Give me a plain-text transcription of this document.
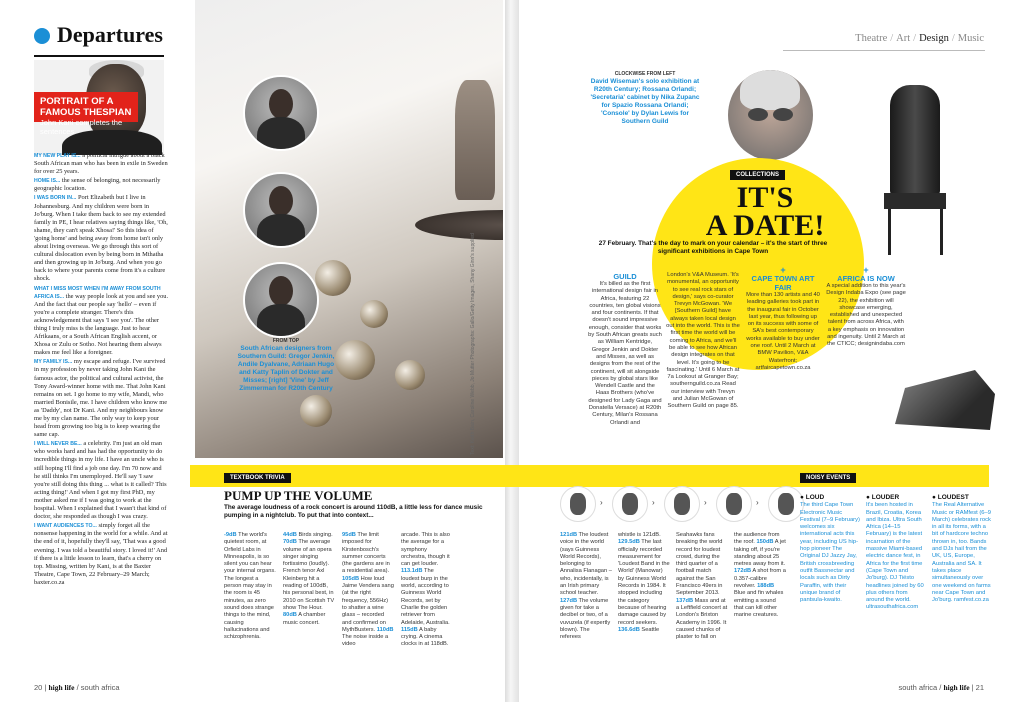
Departures
PORTRAIT OF A FAMOUS THESPIAN
John Kani completes the sentences

MY NEW PLAY IS... a political intrigue about a black South African man who has been in exile in Sweden for over 25 years.

HOME IS... the sense of belonging, not necessarily geographic location.

I WAS BORN IN... Port Elizabeth but I live in Johannesburg. And my children were born in Jo'burg. When I take them back to see my extended family in PE, I hear relatives saying things like, 'Oh, shame, they can't speak Xhosa!' So this idea of 'going home' and being away from home isn't only about living overseas. We go through this sort of cultural dislocation even by being born in Mthatha and then growing up in Jo'burg. And when you go back to where your parents come from it's a culture shock.

WHAT I MISS MOST WHEN I'M AWAY FROM SOUTH AFRICA IS... the way people look at you and see you. And the fact that our people say 'hello' – even if you're a complete stranger. There's this acknowledgement that says 'I see you'. The other thing I truly miss is the language. Just to hear Afrikaans, or a South African English accent, or Xhosa or Zulu or Sotho. Not hearing them always makes me feel like a foreigner.

MY FAMILY IS... my escape and refuge. I've survived in my profession by never taking John Kani the famous actor, the political and cultural activist, the Tony Award-winner home with me. That John Kani remains on set. I go home to my wife, Mandi, who married Bonisile, me. I have children who know me as 'Daddy', not Dr Kani. And my neighbours know me by my clan name. The only way to keep your head from growing too big is to keep wearing the same cap.

I WILL NEVER BE... a celebrity. I'm just an old man who works hard and has had the opportunity to do incredible things in my life. I have an uncle who is still hoping I'll find a job one day. I'm 70 now and he still thinks I'm unemployed. He'll say 'I saw you're still doing this thing ... what is it called? This acting thing!' And when I got my first PhD, my mother asked me if I was going to work at the hospital. When I explained that I wasn't that kind of doctor, she responded as though I was crazy.

I WANT AUDIENCES TO... simply forget all the nonsense happening in the world for a while. And at the end of it, hopefully they'll say, 'That was a good evening. I was told a beautiful story. I loved it!' And if there is a little lesson to learn, that's a cherry on top. Missing, written by Kani, is at the Baxter Theatre, Cape Town, 22 February–29 March; baxter.co.za

FROM TOP
South African designers from Southern Guild: Gregor Jenkin, Andile Dyalvane, Adriaan Hugo and Katty Taplin of Dokter and Misses; [right] 'Vine' by Jeff Zimmerman for R20th Century
Theatre / Art / Design / Music
CLOCKWISE FROM LEFT
David Wiseman's solo exhibition at R20th Century; Rossana Orlandi; 'Secretaria' cabinet by Nika Zupanc for Spazio Rossana Orlandi; 'Console' by Dylan Lewis for Southern Guild
COLLECTIONS
IT'S
A DATE!
27 February. That's the day to mark on your calendar – it's the start of three significant exhibitions in Cape Town
GUILD
It's billed as the first international design fair in Africa, featuring 22 countries, ten global visions and four continents. If that doesn't sound impressive enough, consider that works by South African greats such as William Kentridge, Gregor Jenkin and Dokter and Misses, as well as designs from the rest of the continent, will sit alongside pieces by global stars like Wendell Castle and the Haas Brothers (who've designed for Lady Gaga and Donatella Versace) at R20th Century, Milan's Rossana Orlandi and
London's V&A Museum. 'It's monumental, an opportunity to see real rock stars of design,' says co-curator Trevyn McGowan. 'We [Southern Guild] have always taken local design out into the world. This is the first time the world will be coming to Africa, and we'll be able to see how African design integrates on that level. It's going to be fascinating.' Until 6 March at 7a Lookout at Granger Bay; southernguild.co.za Read our interview with Trevyn and Julian McGowan of Southern Guild on page 85.
+
CAPE TOWN ART FAIR
More than 130 artists and 40 leading galleries took part in the inaugural fair in October last year, thus following up on its success with some of SA's best contemporary works available to buy under one roof. Until 2 March at BMW Pavilion, V&A Waterfront; artfaircapetown.co.za
+
AFRICA IS NOW
A special addition to this year's Design Indaba Expo (see page 22), the exhibition will showcase emerging, established and unexpected talent from across Africa, with a key emphasis on innovation and ingenuity. Until 2 March at the CTICC; designindaba.com
Text: Keith Bain, Caroline Webb, Jo Mutter Photographs: Gallo/Getty Images, Shany Ginn's supplied
TEXTBOOK TRIVIA	NOISY EVENTS
PUMP UP THE VOLUME
The average loudness of a rock concert is around 110dB, a little less for dance music pumping in a nightclub. To put that into context...
›	›	›	›
-9dB The world's quietest room, at Orfield Labs in Minneapolis, is so silent you can hear your internal organs. The longest a person may stay in the room is 45 minutes, as zero sound does strange things to the mind, causing hallucinations and schizophrenia.
44dB Birds singing. 70dB The average volume of an opera singer singing fortissimo (loudly). French tenor Axl Kleinberg hit a reading of 100dB, his personal best, in 2010 on Scottish TV show The Hour. 80dB A chamber music concert.
95dB The limit imposed for Kirstenbosch's summer concerts (the gardens are in a residential area). 105dB How loud Jaime Vendera sang (at the right frequency, 556Hz) to shatter a wine glass – recorded and confirmed on MythBusters. 110dB The noise inside a video
arcade. This is also the average for a symphony orchestra, though it can get louder. 113.1dB The loudest burp in the world, according to Guinness World Records, set by Charlie the golden retriever from Adelaide, Australia. 115dB A baby crying. A cinema clocks in at 118dB.
121dB The loudest voice in the world (says Guinness World Records), belonging to Annalisa Flanagan – who, incidentally, is an Irish primary school teacher. 127dB The volume given for take a decibel or two, of a vuvuzela (if expertly blown). The referees
whistle is 121dB. 129.5dB The last officially recorded measurement for 'Loudest Band in the World' (Manowar) by Guinness World Records in 1984. It stopped including the category because of hearing damage caused by record seekers. 136.6dB Seattle
Seahawks fans breaking the world record for loudest crowd, during the third quarter of a football match against the San Francisco 49ers in September 2013. 137dB Mass and at a Leftfield concert at London's Brixton Academy in 1996. It caused chunks of plaster to fall on
the audience from the roof. 150dB A jet taking off, if you're standing about 25 metres away from it. 172dB A shot from a 0.357-calibre revolver. 188dB Blue and fin whales emitting a sound that can kill other marine creatures.
● LOUD
The third Cape Town Electronic Music Festival (7–9 February) welcomes six international acts this year, including US hip-hop pioneer The Original DJ Jazzy Jay, British crossbreeding outfit Bassnectar and locals such as Dirty Paraffin, with their unique brand of pantsula-kwaito.
● LOUDER
It's been hosted in Brazil, Croatia, Korea and Ibiza. Ultra South Africa (14–15 February) is the latest incarnation of the massive Miami-based electric dance fest, in Africa for the first time (Cape Town and Jo'burg). DJ Tiësto headlines joined by 60 plus others from around the world. ultrasouthafrica.com
● LOUDEST
The Real Alternative Music or RAMfest (6–9 March) celebrates rock in all its forms, with a bit of hardcore techno thrown in, too. Bands and DJs hail from the UK, US, Europe, Australia and SA. It takes place simultaneously over one weekend on farms near Cape Town and Jo'burg. ramfest.co.za
20 | high life / south africa	south africa / high life | 21
